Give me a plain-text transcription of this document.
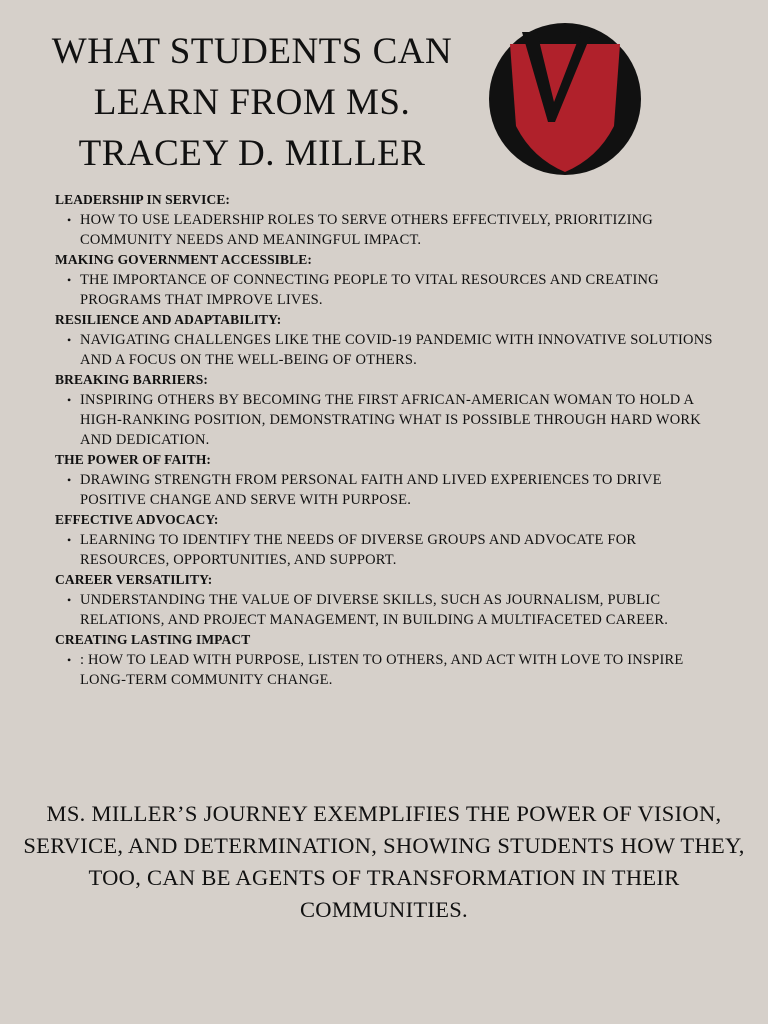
WHAT STUDENTS CAN
LEARN FROM MS.
TRACEY D. MILLER

LEADERSHIP IN SERVICE:

• HOW TO USE LEADERSHIP ROLES TO SERVE OTHERS EFFECTIVELY, PRIORITIZING COMMUNITY NEEDS AND MEANINGFUL IMPACT.

MAKING GOVERNMENT ACCESSIBLE:

• THE IMPORTANCE OF CONNECTING PEOPLE TO VITAL RESOURCES AND CREATING PROGRAMS THAT IMPROVE LIVES.

RESILIENCE AND ADAPTABILITY:

• NAVIGATING CHALLENGES LIKE THE COVID-19 PANDEMIC WITH INNOVATIVE SOLUTIONS AND A FOCUS ON THE WELL-BEING OF OTHERS.

BREAKING BARRIERS:

• INSPIRING OTHERS BY BECOMING THE FIRST AFRICAN-AMERICAN WOMAN TO HOLD A HIGH-RANKING POSITION, DEMONSTRATING WHAT IS POSSIBLE THROUGH HARD WORK AND DEDICATION.

THE POWER OF FAITH:

• DRAWING STRENGTH FROM PERSONAL FAITH AND LIVED EXPERIENCES TO DRIVE POSITIVE CHANGE AND SERVE WITH PURPOSE.

EFFECTIVE ADVOCACY:

• LEARNING TO IDENTIFY THE NEEDS OF DIVERSE GROUPS AND ADVOCATE FOR RESOURCES, OPPORTUNITIES, AND SUPPORT.

CAREER VERSATILITY:

• UNDERSTANDING THE VALUE OF DIVERSE SKILLS, SUCH AS JOURNALISM, PUBLIC RELATIONS, AND PROJECT MANAGEMENT, IN BUILDING A MULTIFACETED CAREER.

CREATING LASTING IMPACT

• : HOW TO LEAD WITH PURPOSE, LISTEN TO OTHERS, AND ACT WITH LOVE TO INSPIRE LONG-TERM COMMUNITY CHANGE.

MS. MILLER’S JOURNEY EXEMPLIFIES THE POWER OF VISION, SERVICE, AND DETERMINATION, SHOWING STUDENTS HOW THEY, TOO, CAN BE AGENTS OF TRANSFORMATION IN THEIR COMMUNITIES.
